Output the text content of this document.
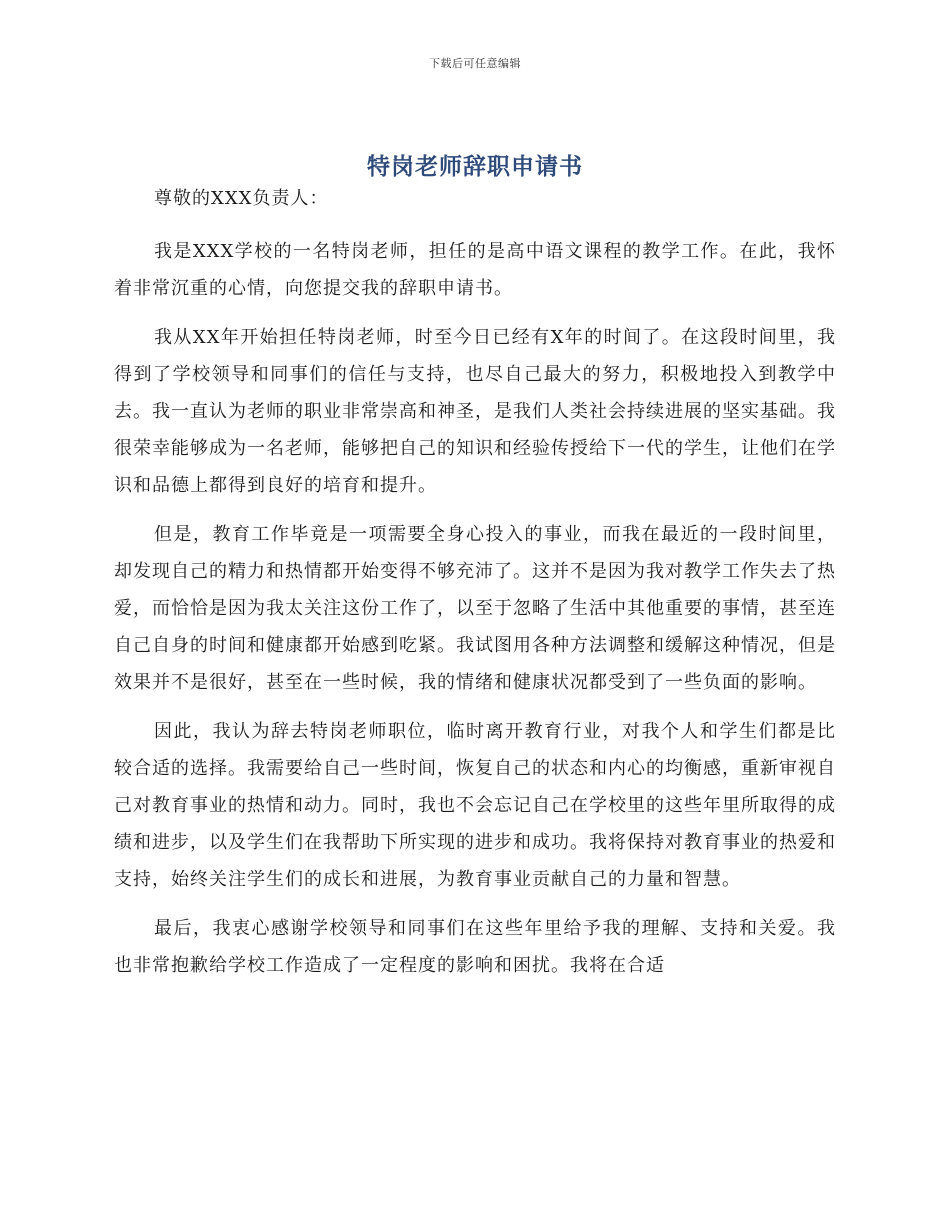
下载后可任意编辑
特岗老师辞职申请书

尊敬的XXX负责人：

我是XXX学校的一名特岗老师，担任的是高中语文课程的教学工作。在此，我怀着非常沉重的心情，向您提交我的辞职申请书。

我从XX年开始担任特岗老师，时至今日已经有X年的时间了。在这段时间里，我得到了学校领导和同事们的信任与支持，也尽自己最大的努力，积极地投入到教学中去。我一直认为老师的职业非常崇高和神圣，是我们人类社会持续进展的坚实基础。我很荣幸能够成为一名老师，能够把自己的知识和经验传授给下一代的学生，让他们在学识和品德上都得到良好的培育和提升。

但是，教育工作毕竟是一项需要全身心投入的事业，而我在最近的一段时间里，却发现自己的精力和热情都开始变得不够充沛了。这并不是因为我对教学工作失去了热爱，而恰恰是因为我太关注这份工作了，以至于忽略了生活中其他重要的事情，甚至连自己自身的时间和健康都开始感到吃紧。我试图用各种方法调整和缓解这种情况，但是效果并不是很好，甚至在一些时候，我的情绪和健康状况都受到了一些负面的影响。

因此，我认为辞去特岗老师职位，临时离开教育行业，对我个人和学生们都是比较合适的选择。我需要给自己一些时间，恢复自己的状态和内心的均衡感，重新审视自己对教育事业的热情和动力。同时，我也不会忘记自己在学校里的这些年里所取得的成绩和进步，以及学生们在我帮助下所实现的进步和成功。我将保持对教育事业的热爱和支持，始终关注学生们的成长和进展，为教育事业贡献自己的力量和智慧。

最后，我衷心感谢学校领导和同事们在这些年里给予我的理解、支持和关爱。我也非常抱歉给学校工作造成了一定程度的影响和困扰。我将在合适
